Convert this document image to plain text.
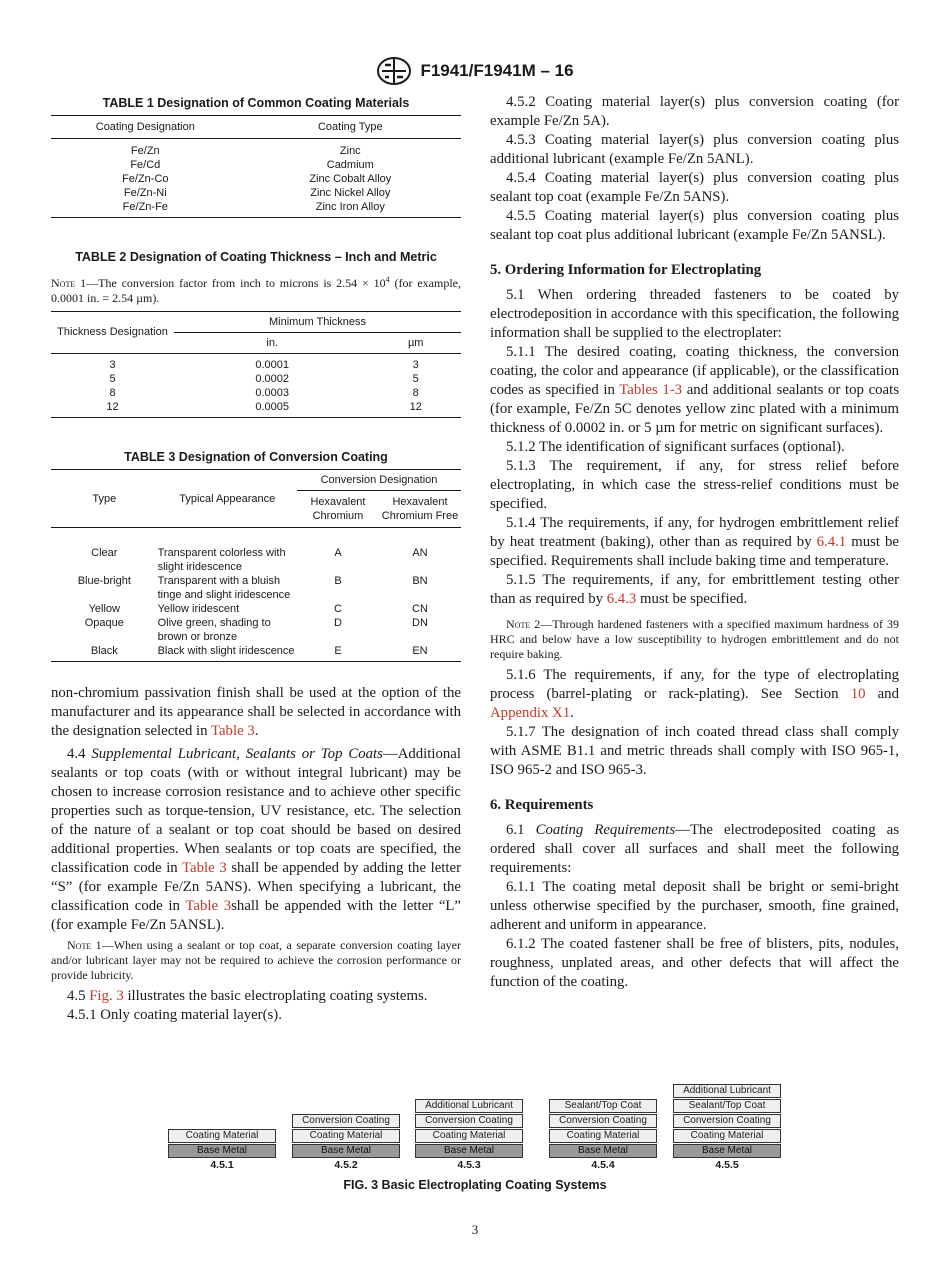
F1941/F1941M – 16
TABLE 1 Designation of Common Coating Materials
Coating Designation	Coating Type

Fe/Zn	Zinc
Fe/Cd	Cadmium
Fe/Zn-Co	Zinc Cobalt Alloy
Fe/Zn-Ni	Zinc Nickel Alloy
Fe/Zn-Fe	Zinc Iron Alloy
TABLE 2 Designation of Coating Thickness – Inch and Metric
Note 1—The conversion factor from inch to microns is $2.54 \times 10^4$ (for example, 0.0001 in. = 2.54 µm).
Thickness Designation	Minimum Thickness	
	in.	µm

3	0.0001	3
5	0.0002	5
8	0.0003	8
12	0.0005	12
TABLE 3 Designation of Conversion Coating
Type	Typical Appearance	Conversion Designation	
		Hexavalent Chromium	Hexavalent Chromium Free

Clear	Transparent colorless with slight iridescence	A	AN
Blue-bright	Transparent with a bluish tinge and slight iridescence	B	BN
Yellow	Yellow iridescent	C	CN
Opaque	Olive green, shading to brown or bronze	D	DN
Black	Black with slight iridescence	E	EN

non-chromium passivation finish shall be used at the option of the manufacturer and its appearance shall be selected in accordance with the designation selected in Table 3.

4.4 Supplemental Lubricant, Sealants or Top Coats—Additional sealants or top coats (with or without integral lubricant) may be chosen to increase corrosion resistance and to achieve other specific properties such as torque-tension, UV resistance, etc. The selection of the nature of a sealant or top coat should be based on desired additional properties. When sealants or top coats are specified, the classification code in Table 3 shall be appended by adding the letter “S” (for example Fe/Zn 5ANS). When specifying a lubricant, the classification code in Table 3shall be appended with the letter “L” (for example Fe/Zn 5ANSL).

Note 1—When using a sealant or top coat, a separate conversion coating layer and/or lubricant layer may not be required to achieve the corrosion performance or provide lubricity.

4.5 Fig. 3 illustrates the basic electroplating coating systems.

4.5.1 Only coating material layer(s).

4.5.2 Coating material layer(s) plus conversion coating (for example Fe/Zn 5A).

4.5.3 Coating material layer(s) plus conversion coating plus additional lubricant (example Fe/Zn 5ANL).

4.5.4 Coating material layer(s) plus conversion coating plus sealant top coat (example Fe/Zn 5ANS).

4.5.5 Coating material layer(s) plus conversion coating plus sealant top coat plus additional lubricant (example Fe/Zn 5ANSL).

5. Ordering Information for Electroplating

5.1 When ordering threaded fasteners to be coated by electrodeposition in accordance with this specification, the following information shall be supplied to the electroplater:

5.1.1 The desired coating, coating thickness, the conversion coating, the color and appearance (if applicable), or the classification codes as specified in Tables 1-3 and additional sealants or top coats (for example, Fe/Zn 5C denotes yellow zinc plated with a minimum thickness of 0.0002 in. or 5 µm for metric on significant surfaces).

5.1.2 The identification of significant surfaces (optional).

5.1.3 The requirement, if any, for stress relief before electroplating, in which case the stress-relief conditions must be specified.

5.1.4 The requirements, if any, for hydrogen embrittlement relief by heat treatment (baking), other than as required by 6.4.1 must be specified. Requirements shall include baking time and temperature.

5.1.5 The requirements, if any, for embrittlement testing other than as required by 6.4.3 must be specified.

Note 2—Through hardened fasteners with a specified maximum hardness of 39 HRC and below have a low susceptibility to hydrogen embrittlement and do not require baking.

5.1.6 The requirements, if any, for the type of electroplating process (barrel-plating or rack-plating). See Section 10 and Appendix X1.

5.1.7 The designation of inch coated thread class shall comply with ASME B1.1 and metric threads shall comply with ISO 965-1, ISO 965-2 and ISO 965-3.

6. Requirements

6.1 Coating Requirements—The electrodeposited coating as ordered shall cover all surfaces and shall meet the following requirements:

6.1.1 The coating metal deposit shall be bright or semi-bright unless otherwise specified by the purchaser, smooth, fine grained, adherent and uniform in appearance.

6.1.2 The coated fastener shall be free of blisters, pits, nodules, roughness, unplated areas, and other defects that will affect the function of the coating.

Coating Material
Base Metal
4.5.1
Conversion Coating
Coating Material
Base Metal
4.5.2
Additional Lubricant
Conversion Coating
Coating Material
Base Metal
4.5.3
Sealant/Top Coat
Conversion Coating
Coating Material
Base Metal
4.5.4
Additional Lubricant
Sealant/Top Coat
Conversion Coating
Coating Material
Base Metal
4.5.5
FIG. 3 Basic Electroplating Coating Systems
3
